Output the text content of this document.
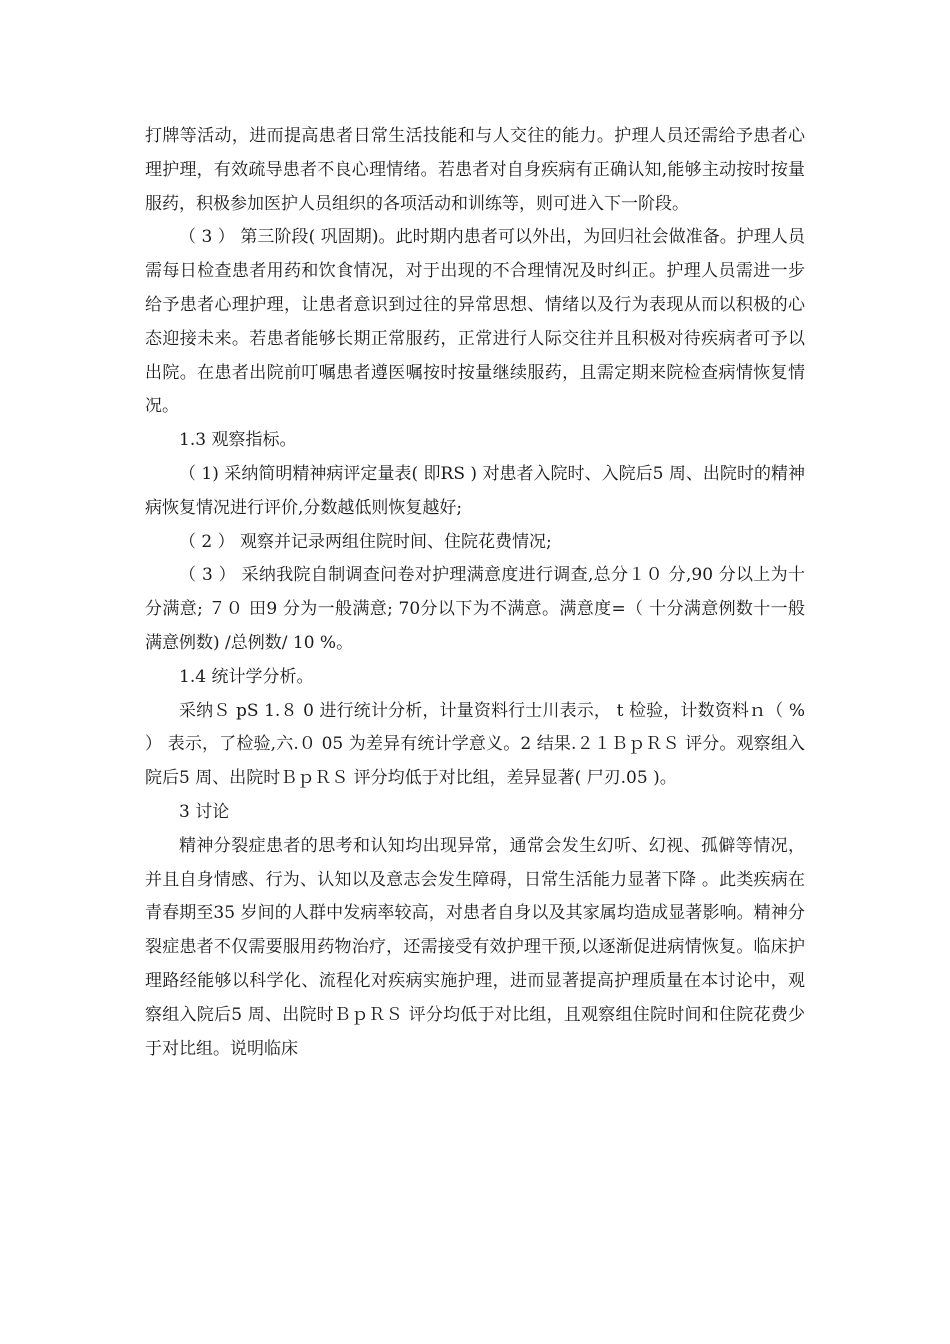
打牌等活动，进而提高患者日常生活技能和与人交往的能力。护理人员还需给予患者心理护理，有效疏导患者不良心理情绪。若患者对自身疾病有正确认知,能够主动按时按量服药，积极参加医护人员组织的各项活动和训练等，则可进入下一阶段。

（ 3 ） 第三阶段( 巩固期)。此时期内患者可以外出，为回归社会做准备。护理人员需每日检查患者用药和饮食情况，对于出现的不合理情况及时纠正。护理人员需进一步给予患者心理护理，让患者意识到过往的异常思想、情绪以及行为表现从而以积极的心态迎接未来。若患者能够长期正常服药，正常进行人际交往并且积极对待疾病者可予以出院。在患者出院前叮嘱患者遵医嘱按时按量继续服药，且需定期来院检查病情恢复情况。

1.3 观察指标。

（ 1) 采纳简明精神病评定量表( 即RS ) 对患者入院时、入院后5 周、出院时的精神病恢复情况进行评价,分数越低则恢复越好;

（ 2 ） 观察并记录两组住院时间、住院花费情况;

（ 3 ） 采纳我院自制调查问卷对护理满意度进行调查,总分１０ 分,90 分以上为十分满意; ７０ 田9 分为一般满意; 70分以下为不满意。满意度=（ 十分满意例数十一般满意例数) /总例数/ 10 %。

1.4 统计学分析。

采纳Ｓ pS 1.８ 0 进行统计分析，计量资料行士川表示， t 检验，计数资料ｎ（ % ） 表示，了检验,六.０ 05 为差异有统计学意义。2 结果.２１ＢｐＲＳ 评分。观察组入院后5 周、出院时ＢｐＲＳ 评分均低于对比组，差异显著( 尸刃.05 )。

3 讨论

精神分裂症患者的思考和认知均出现异常，通常会发生幻听、幻视、孤僻等情况，并且自身情感、行为、认知以及意志会发生障碍，日常生活能力显著下降 。此类疾病在青春期至35 岁间的人群中发病率较高，对患者自身以及其家属均造成显著影响。精神分裂症患者不仅需要服用药物治疗，还需接受有效护理干预,以逐渐促进病情恢复。临床护理路经能够以科学化、流程化对疾病实施护理，进而显著提高护理质量在本讨论中，观察组入院后5 周、出院时ＢｐＲＳ 评分均低于对比组，且观察组住院时间和住院花费少于对比组。说明临床
